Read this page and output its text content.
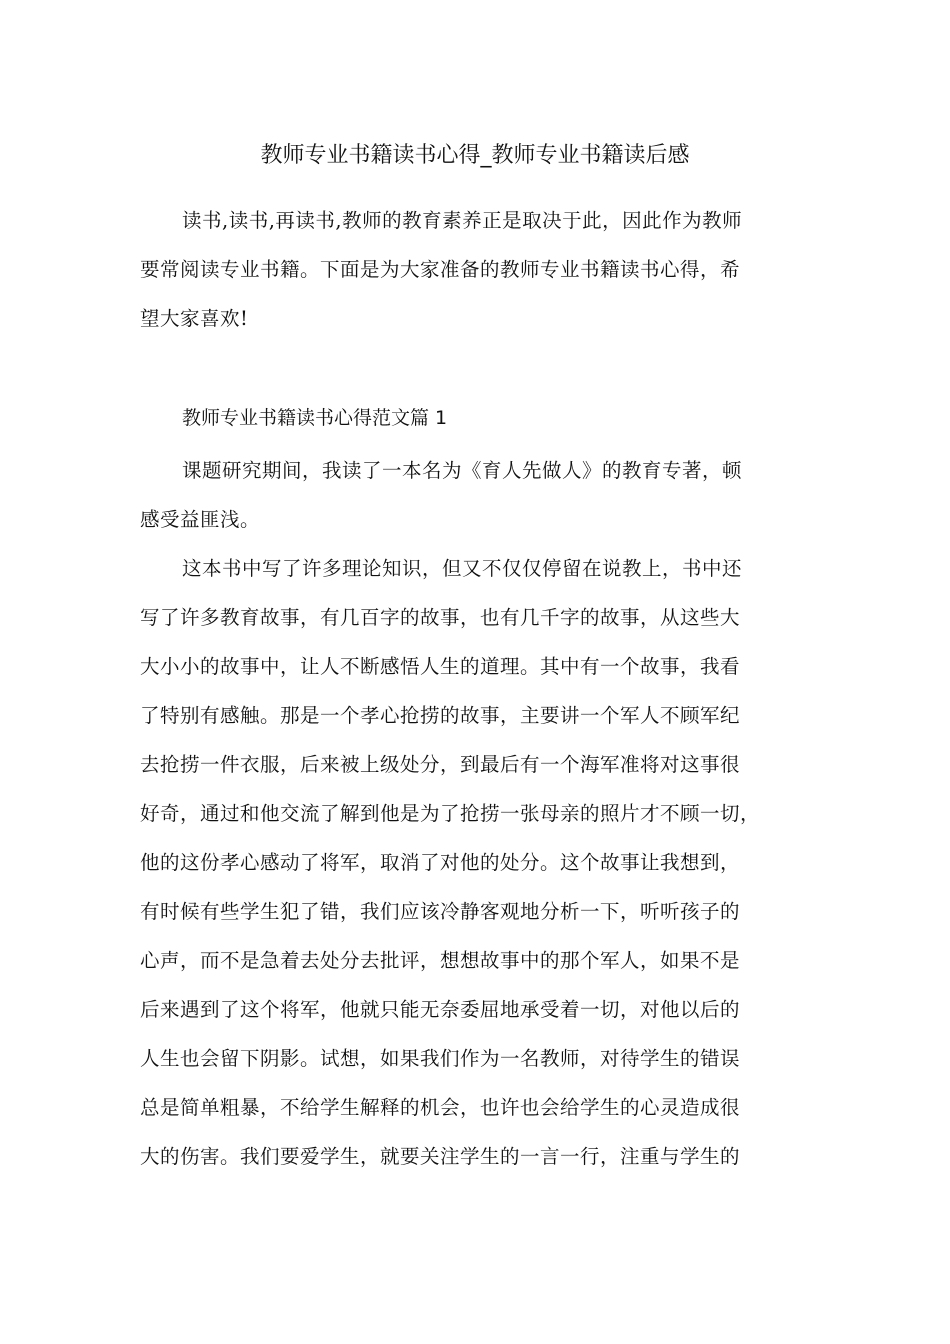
教师专业书籍读书心得_教师专业书籍读后感
读书,读书,再读书,教师的教育素养正是取决于此，因此作为教师
要常阅读专业书籍。下面是为大家准备的教师专业书籍读书心得，希
望大家喜欢!
教师专业书籍读书心得范文篇 1
课题研究期间，我读了一本名为《育人先做人》的教育专著，顿
感受益匪浅。
这本书中写了许多理论知识，但又不仅仅停留在说教上，书中还
写了许多教育故事，有几百字的故事，也有几千字的故事，从这些大
大小小的故事中，让人不断感悟人生的道理。其中有一个故事，我看
了特别有感触。那是一个孝心抢捞的故事，主要讲一个军人不顾军纪
去抢捞一件衣服，后来被上级处分，到最后有一个海军准将对这事很
好奇，通过和他交流了解到他是为了抢捞一张母亲的照片才不顾一切，
他的这份孝心感动了将军，取消了对他的处分。这个故事让我想到，
有时候有些学生犯了错，我们应该冷静客观地分析一下，听听孩子的
心声，而不是急着去处分去批评，想想故事中的那个军人，如果不是
后来遇到了这个将军，他就只能无奈委屈地承受着一切，对他以后的
人生也会留下阴影。试想，如果我们作为一名教师，对待学生的错误
总是简单粗暴，不给学生解释的机会，也许也会给学生的心灵造成很
大的伤害。我们要爱学生，就要关注学生的一言一行，注重与学生的
